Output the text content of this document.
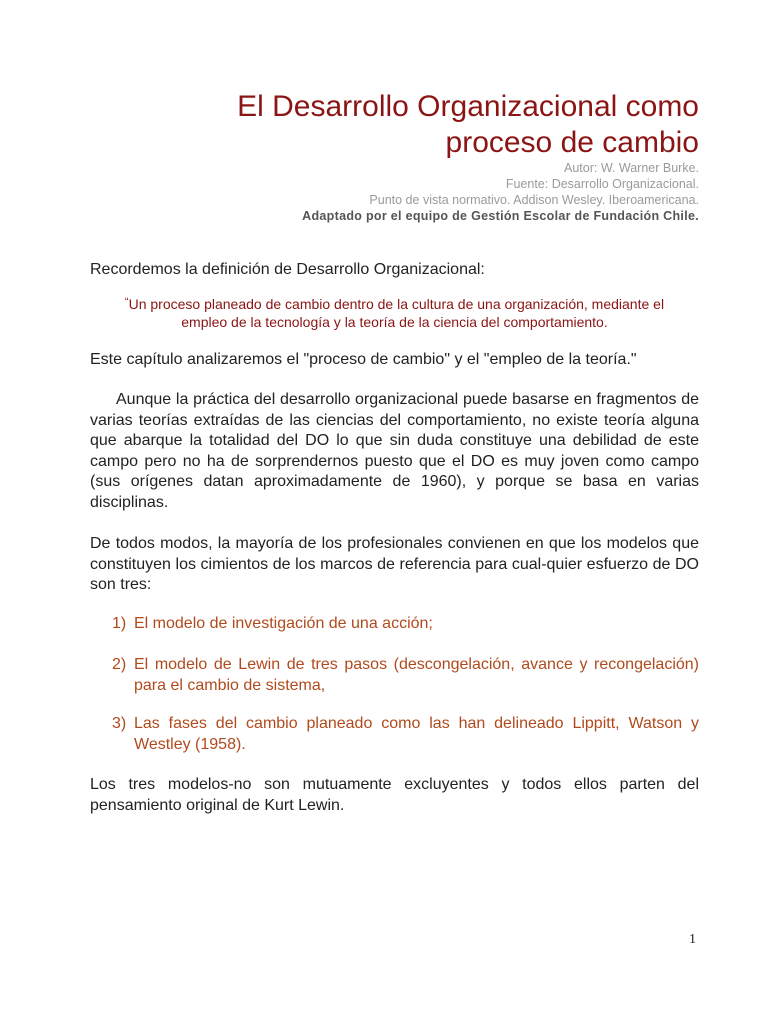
El Desarrollo Organizacional como
proceso de cambio
Autor: W. Warner Burke.
Fuente: Desarrollo Organizacional.
Punto de vista normativo. Addison Wesley. Iberoamericana.
Adaptado por el equipo de Gestión Escolar de Fundación Chile.

Recordemos la definición de Desarrollo Organizacional:

“Un proceso planeado de cambio dentro de la cultura de una organización, mediante el
empleo de la tecnología y la teoría de la ciencia del comportamiento.

Este capítulo analizaremos el "proceso de cambio" y el "empleo de la teoría."

Aunque la práctica del desarrollo organizacional puede basarse en fragmentos de varias teorías extraídas de las ciencias del comportamiento, no existe teoría alguna que abarque la totalidad del DO lo que sin duda constituye una debilidad de este campo pero no ha de sorprendernos puesto que el DO es muy joven como campo (sus orígenes datan aproximadamente de 1960), y porque se basa en varias disciplinas.

De todos modos, la mayoría de los profesionales convienen en que los modelos que constituyen los cimientos de los marcos de referencia para cual-quier esfuerzo de DO son tres:

1) El modelo de investigación de una acción;
2) El modelo de Lewin de tres pasos (descongelación, avance y recongelación) para el cambio de sistema,
3) Las fases del cambio planeado como las han delineado Lippitt, Watson y Westley (1958).

Los tres modelos-no son mutuamente excluyentes y todos ellos parten del pensamiento original de Kurt Lewin.

1
